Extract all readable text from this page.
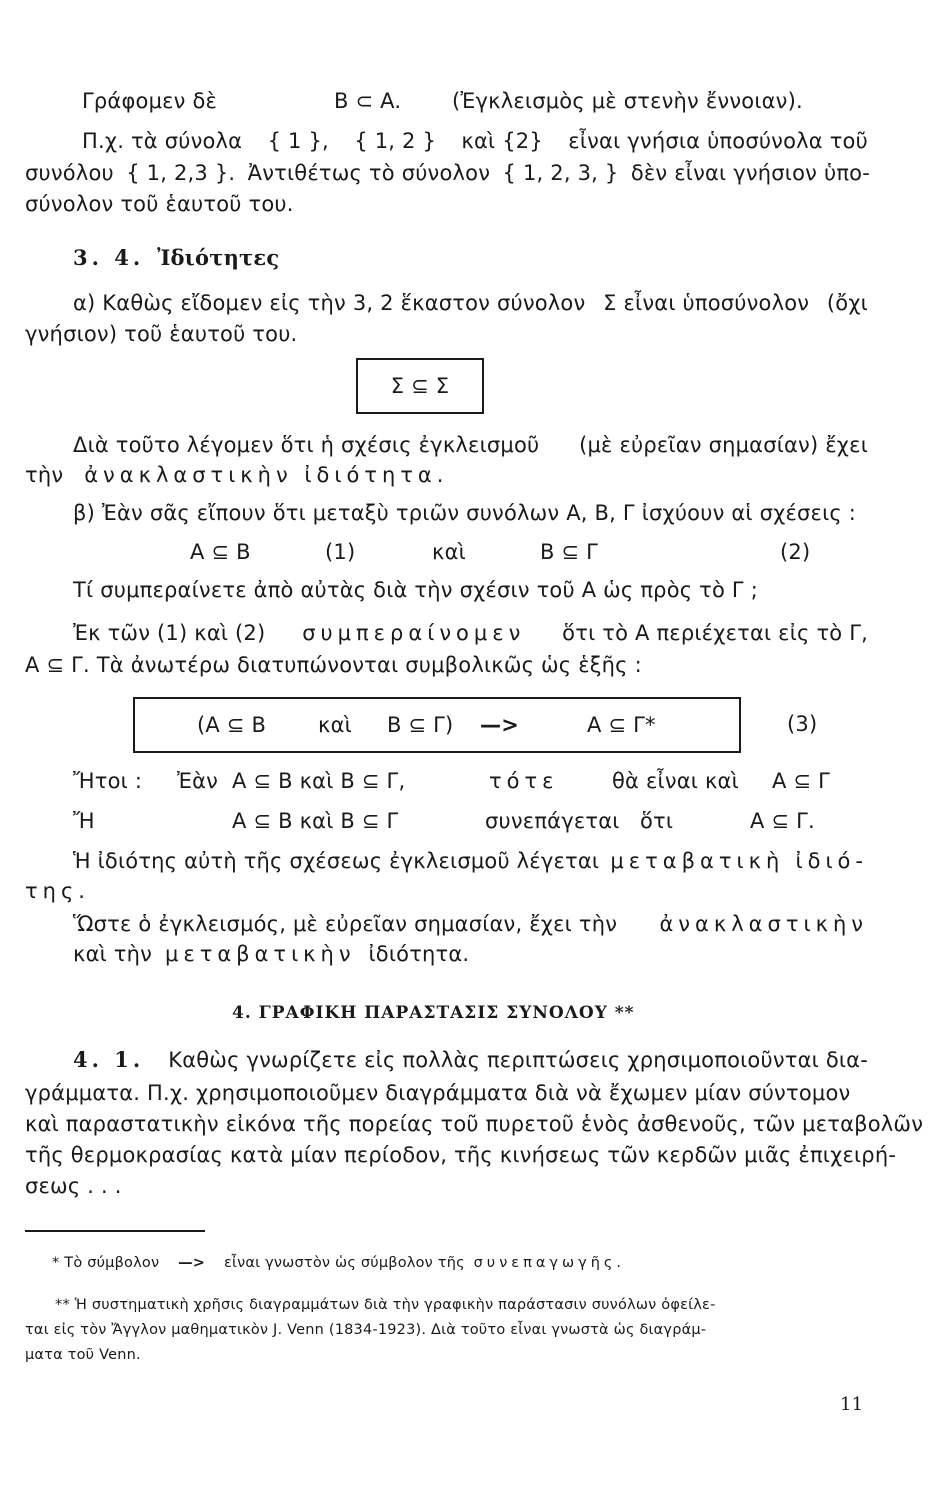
Γράφομεν δὲ	B ⊂ A. (Ἐγκλεισμὸς μὲ στενὴν ἔννοιαν).
Π.χ. τὰ σύνολα { 1 }, { 1, 2 } καὶ {2} εἶναι γνήσια ὑποσύνολα τοῦ
συνόλου { 1, 2,3 }. Ἀντιθέτως τὸ σύνολον { 1, 2, 3, } δὲν εἶναι γνήσιον ὑπο-
σύνολον τοῦ ἑαυτοῦ του.
3. 4. Ἰδιότητες
α) Καθὼς εἴδομεν εἰς τὴν 3, 2 ἕκαστον σύνολον Σ εἶναι ὑποσύνολον (ὄχι
γνήσιον) τοῦ ἑαυτοῦ του.
Σ ⊆ Σ
Διὰ τοῦτο λέγομεν ὅτι ἡ σχέσις ἐγκλεισμοῦ (μὲ εὐρεῖαν σημασίαν) ἔχει
τὴν ἀνακλαστικὴν ἰδιότητα.
β) Ἐὰν σᾶς εἴπουν ὅτι μεταξὺ τριῶν συνόλων A, B, Γ ἰσχύουν αἱ σχέσεις :
A ⊆ B	(1)	καὶ	B ⊆ Γ	(2)
Τί συμπεραίνετε ἀπὸ αὐτὰς διὰ τὴν σχέσιν τοῦ A ὡς πρὸς τὸ Γ ;
Ἐκ τῶν (1) καὶ (2) συμπεραίνομεν ὅτι τὸ A περιέχεται εἰς τὸ Γ,
A ⊆ Γ. Τὰ ἀνωτέρω διατυπώνονται συμβολικῶς ὡς ἑξῆς :
(A ⊆ B καὶ B ⊆ Γ) —>	A ⊆ Γ*	(3)
Ἤτοι : Ἐὰν A ⊆ B καὶ B ⊆ Γ,	τότε	θὰ εἶναι καὶ A ⊆ Γ
Ἤ	A ⊆ B καὶ B ⊆ Γ	συνεπάγεται ὅτι	A ⊆ Γ.
Ἡ ἰδιότης αὐτὴ τῆς σχέσεως ἐγκλεισμοῦ λέγεται μεταβατικὴ ἰδιό-
της.
Ὥστε ὁ ἐγκλεισμός, μὲ εὐρεῖαν σημασίαν, ἔχει τὴν ἀνακλαστικὴν
καὶ τὴν μεταβατικὴν ἰδιότητα.
4. ΓΡΑΦΙΚΗ ΠΑΡΑΣΤΑΣΙΣ ΣΥΝΟΛΟΥ **
4. 1. Καθὼς γνωρίζετε εἰς πολλὰς περιπτώσεις χρησιμοποιοῦνται δια-
γράμματα. Π.χ. χρησιμοποιοῦμεν διαγράμματα διὰ νὰ ἔχωμεν μίαν σύντομον
καὶ παραστατικὴν εἰκόνα τῆς πορείας τοῦ πυρετοῦ ἑνὸς ἀσθενοῦς, τῶν μεταβολῶν
τῆς θερμοκρασίας κατὰ μίαν περίοδον, τῆς κινήσεως τῶν κερδῶν μιᾶς ἐπιχειρή-
σεως . . .
* Τὸ σύμβολον —> εἶναι γνωστὸν ὡς σύμβολον τῆς συνεπαγωγῆς.
** Ἡ συστηματικὴ χρῆσις διαγραμμάτων διὰ τὴν γραφικὴν παράστασιν συνόλων ὀφείλε-
ται εἰς τὸν Ἄγγλον μαθηματικὸν J. Venn (1834-1923). Διὰ τοῦτο εἶναι γνωστὰ ὡς διαγράμ-
ματα τοῦ Venn.
11
